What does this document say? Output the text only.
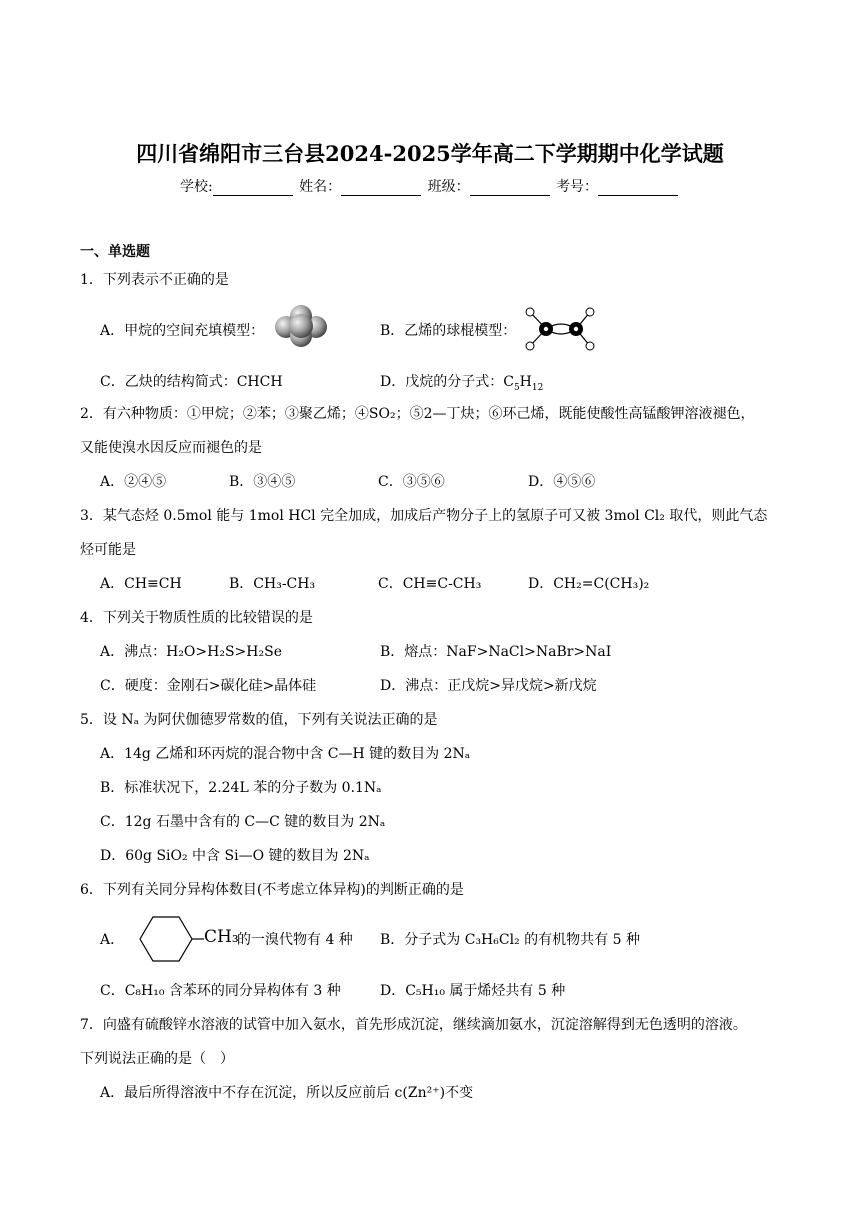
四川省绵阳市三台县2024-2025学年高二下学期期中化学试题
学校:	姓名：	班级：	考号：
一、单选题
1．下列表示不正确的是
A．甲烷的空间充填模型：	B．乙烯的球棍模型：
C．乙炔的结构简式：CHCH	D．戊烷的分子式：$C_5H_{12}$
2．有六种物质：①甲烷；②苯；③聚乙烯；④SO₂；⑤2—丁炔；⑥环己烯，既能使酸性高锰酸钾溶液褪色，
又能使溴水因反应而褪色的是
A．②④⑤	B．③④⑤	C．③⑤⑥	D．④⑤⑥
3．某气态烃 0.5mol 能与 1mol HCl 完全加成，加成后产物分子上的氢原子可又被 3mol Cl₂ 取代，则此气态
烃可能是
A．CH≡CH	B．CH₃-CH₃	C．CH≡C-CH₃	D．CH₂=C(CH₃)₂
4．下列关于物质性质的比较错误的是
A．沸点：H₂O>H₂S>H₂Se	B．熔点：NaF>NaCl>NaBr>NaI
C．硬度：金刚石>碳化硅>晶体硅	D．沸点：正戊烷>异戊烷>新戊烷
5．设 Nₐ 为阿伏伽德罗常数的值，下列有关说法正确的是
A．14g 乙烯和环丙烷的混合物中含 C—H 键的数目为 2Nₐ
B．标准状况下，2.24L 苯的分子数为 0.1Nₐ
C．12g 石墨中含有的 C—C 键的数目为 2Nₐ
D．60g SiO₂ 中含 Si—O 键的数目为 2Nₐ
6．下列有关同分异构体数目(不考虑立体异构)的判断正确的是
A．	CH₃
的一溴代物有 4 种 B．分子式为 C₃H₆Cl₂ 的有机物共有 5 种
C．C₈H₁₀ 含苯环的同分异构体有 3 种	D．C₅H₁₀ 属于烯烃共有 5 种
7．向盛有硫酸锌水溶液的试管中加入氨水，首先形成沉淀，继续滴加氨水，沉淀溶解得到无色透明的溶液。
下列说法正确的是（　）
A．最后所得溶液中不存在沉淀，所以反应前后 c(Zn²⁺)不变
